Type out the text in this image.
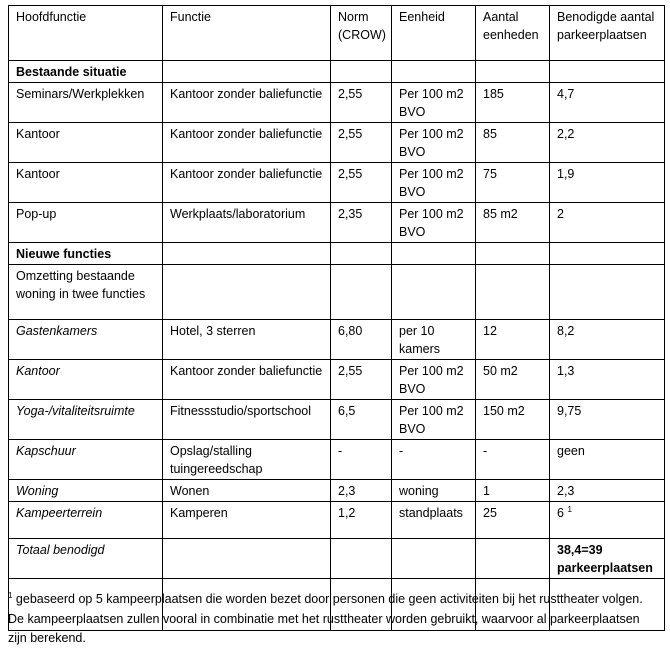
Hoofdfunctie	Functie	Norm (CROW)	Eenheid	Aantal eenheden	Benodigde aantal parkeerplaatsen
Bestaande situatie					
Seminars/Werkplekken	Kantoor zonder baliefunctie	2,55	Per 100 m2 BVO	185	4,7
Kantoor	Kantoor zonder baliefunctie	2,55	Per 100 m2 BVO	85	2,2
Kantoor	Kantoor zonder baliefunctie	2,55	Per 100 m2 BVO	75	1,9
Pop-up	Werkplaats/laboratorium	2,35	Per 100 m2 BVO	85 m2	2
Nieuwe functies					
Omzetting bestaande woning in twee functies					
Gastenkamers	Hotel, 3 sterren	6,80	per 10 kamers	12	8,2
Kantoor	Kantoor zonder baliefunctie	2,55	Per 100 m2 BVO	50 m2	1,3
Yoga-/vitaliteitsruimte	Fitnessstudio/sportschool	6,5	Per 100 m2 BVO	150 m2	9,75
Kapschuur	Opslag/stalling tuingereedschap	-	-	-	geen
Woning	Wonen	2,3	woning	1	2,3
Kampeerterrein	Kamperen	1,2	standplaats	25	6 $^1$
Totaal benodigd					38,4=39 parkeerplaatsen

$^1$ gebaseerd op 5 kampeerplaatsen die worden bezet door personen die geen activiteiten bij het rusttheater volgen. De kampeerplaatsen zullen vooral in combinatie met het rusttheater worden gebruikt, waarvoor al parkeerplaatsen zijn berekend.
